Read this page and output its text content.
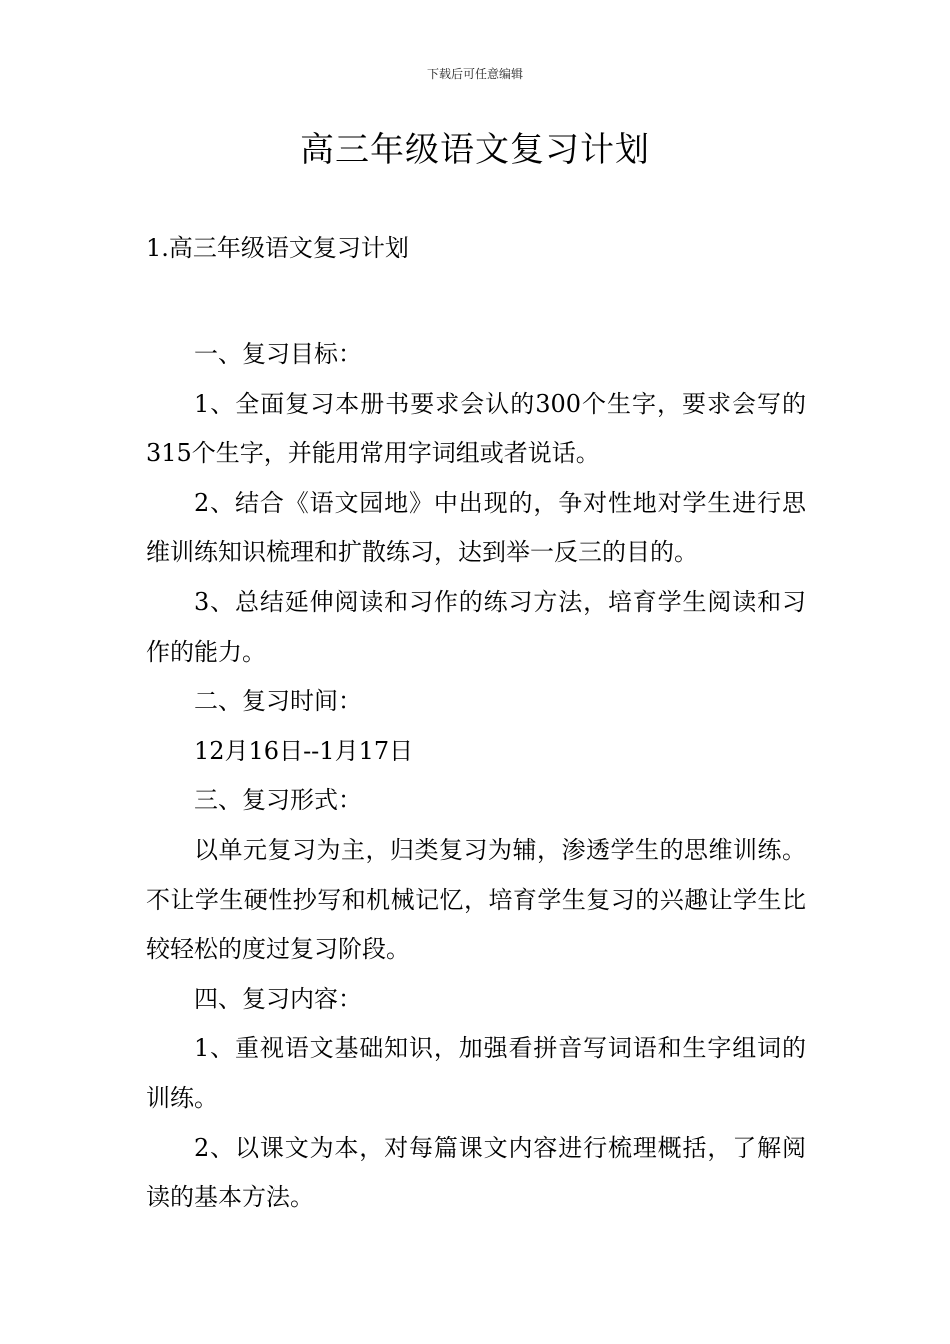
下载后可任意编辑
高三年级语文复习计划
1.高三年级语文复习计划

一、复习目标：

1、全面复习本册书要求会认的300个生字，要求会写的315个生字，并能用常用字词组或者说话。

2、结合《语文园地》中出现的，争对性地对学生进行思维训练知识梳理和扩散练习，达到举一反三的目的。

3、总结延伸阅读和习作的练习方法，培育学生阅读和习作的能力。

二、复习时间：

12月16日--1月17日

三、复习形式：

以单元复习为主，归类复习为辅，渗透学生的思维训练。不让学生硬性抄写和机械记忆，培育学生复习的兴趣让学生比较轻松的度过复习阶段。

四、复习内容：

1、重视语文基础知识，加强看拼音写词语和生字组词的训练。

2、以课文为本，对每篇课文内容进行梳理概括，了解阅读的基本方法。
